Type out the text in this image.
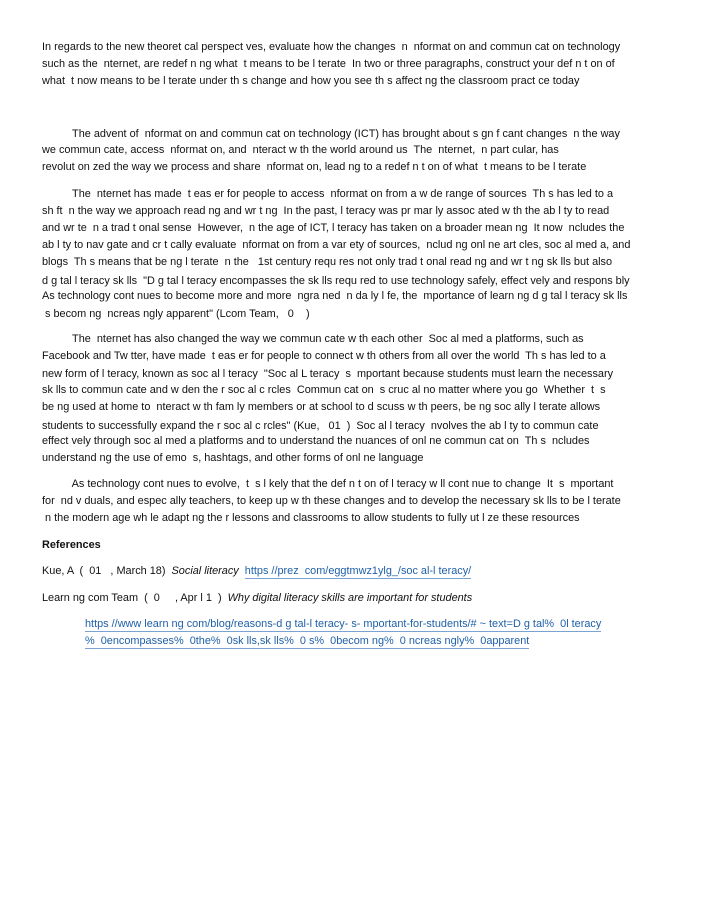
In regards to the new theoret cal perspect ves, evaluate how the changes  n  nformat on and commun cat on technology
such as the  nternet, are redef n ng what  t means to be l terate  In two or three paragraphs, construct your def n t on of
what  t now means to be l terate under th s change and how you see th s affect ng the classroom pract ce today
The advent of  nformat on and commun cat on technology (ICT) has brought about s gn f cant changes  n the way
we commun cate, access  nformat on, and  nteract w th the world around us  The  nternet,  n part cular, has
revolut on zed the way we process and share  nformat on, lead ng to a redef n t on of what  t means to be l terate
The  nternet has made  t eas er for people to access  nformat on from a w de range of sources  Th s has led to a
sh ft  n the way we approach read ng and wr t ng  In the past, l teracy was pr mar ly assoc ated w th the ab l ty to read
and wr te  n a trad t onal sense  However,  n the age of ICT, l teracy has taken on a broader mean ng  It now  ncludes the
ab l ty to nav gate and cr t cally evaluate  nformat on from a var ety of sources,  nclud ng onl ne art cles, soc al med a, and
blogs  Th s means that be ng l terate  n the   1st century requ res not only trad t onal read ng and wr t ng sk lls but also
d g tal l teracy sk lls  "D g tal l teracy encompasses the sk lls requ red to use technology safely, effect vely and respons bly
As technology cont nues to become more and more  ngra ned  n da ly l fe, the  mportance of learn ng d g tal l teracy sk lls
s becom ng  ncreas ngly apparent" (Lcom Team,   0    )
The  nternet has also changed the way we commun cate w th each other  Soc al med a platforms, such as
Facebook and Tw tter, have made  t eas er for people to connect w th others from all over the world  Th s has led to a
new form of l teracy, known as soc al l teracy  "Soc al L teracy  s  mportant because students must learn the necessary
sk lls to commun cate and w den the r soc al c rcles  Commun cat on  s cruc al no matter where you go  Whether  t  s
be ng used at home to  nteract w th fam ly members or at school to d scuss w th peers, be ng soc ally l terate allows
students to successfully expand the r soc al c rcles" (Kue,   01  )  Soc al l teracy  nvolves the ab l ty to commun cate
effect vely through soc al med a platforms and to understand the nuances of onl ne commun cat on  Th s  ncludes
understand ng the use of emo  s, hashtags, and other forms of onl ne language
As technology cont nues to evolve,  t  s l kely that the def n t on of l teracy w ll cont nue to change  It  s  mportant
for  nd v duals, and espec ally teachers, to keep up w th these changes and to develop the necessary sk lls to be l terate
n the modern age wh le adapt ng the r lessons and classrooms to allow students to fully ut l ze these resources
References
Kue, A  (  01   , March 18)  Social literacy https //prez  com/eggtmwz1ylg_/soc al-l teracy/
Learn ng com Team  (  0     , Apr l 1  )  Why digital literacy skills are important for students
https //www learn ng com/blog/reasons-d g tal-l teracy- s- mportant-for-students/# ~ text=D g tal%  0l teracy
%  0encompasses%  0the%  0sk lls,sk lls%  0 s%  0becom ng%  0 ncreas ngly%  0apparent
